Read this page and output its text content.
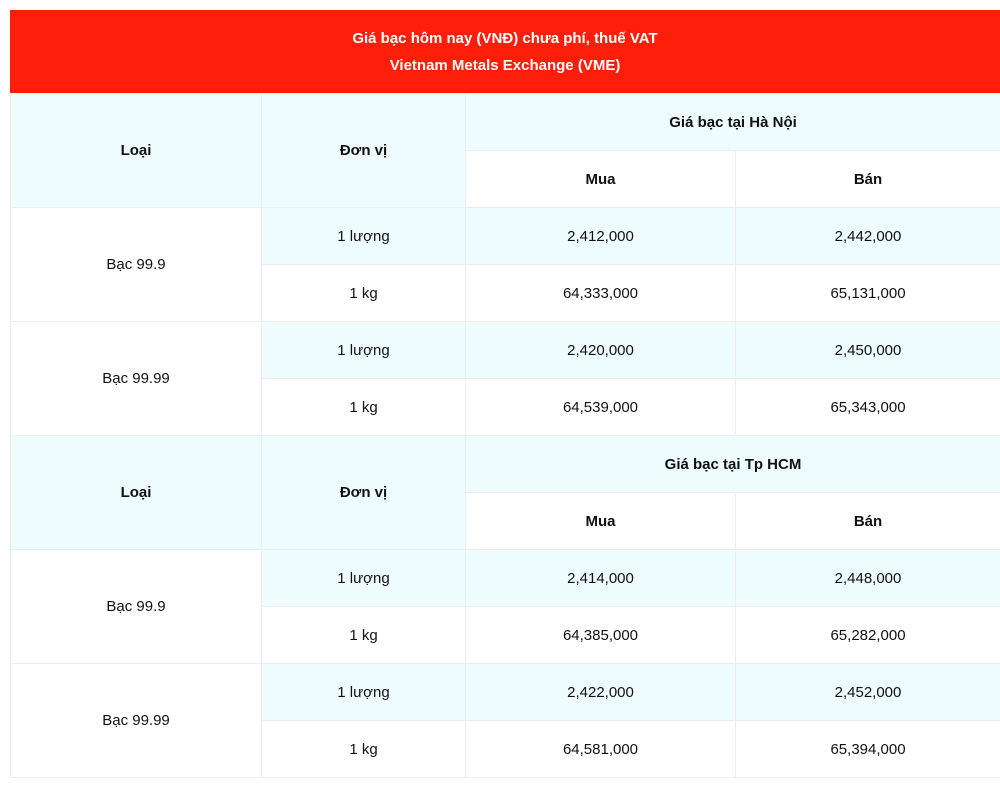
Giá bạc hôm nay (VNĐ) chưa phí, thuế VAT
Vietnam Metals Exchange (VME)
Loại	Đơn vị	Giá bạc tại Hà Nội	
		Mua	Bán
Bạc 99.9	1 lượng	2,412,000	2,442,000
	1 kg	64,333,000	65,131,000
Bạc 99.99	1 lượng	2,420,000	2,450,000
	1 kg	64,539,000	65,343,000
Loại	Đơn vị	Giá bạc tại Tp HCM	
		Mua	Bán
Bạc 99.9	1 lượng	2,414,000	2,448,000
	1 kg	64,385,000	65,282,000
Bạc 99.99	1 lượng	2,422,000	2,452,000
	1 kg	64,581,000	65,394,000
